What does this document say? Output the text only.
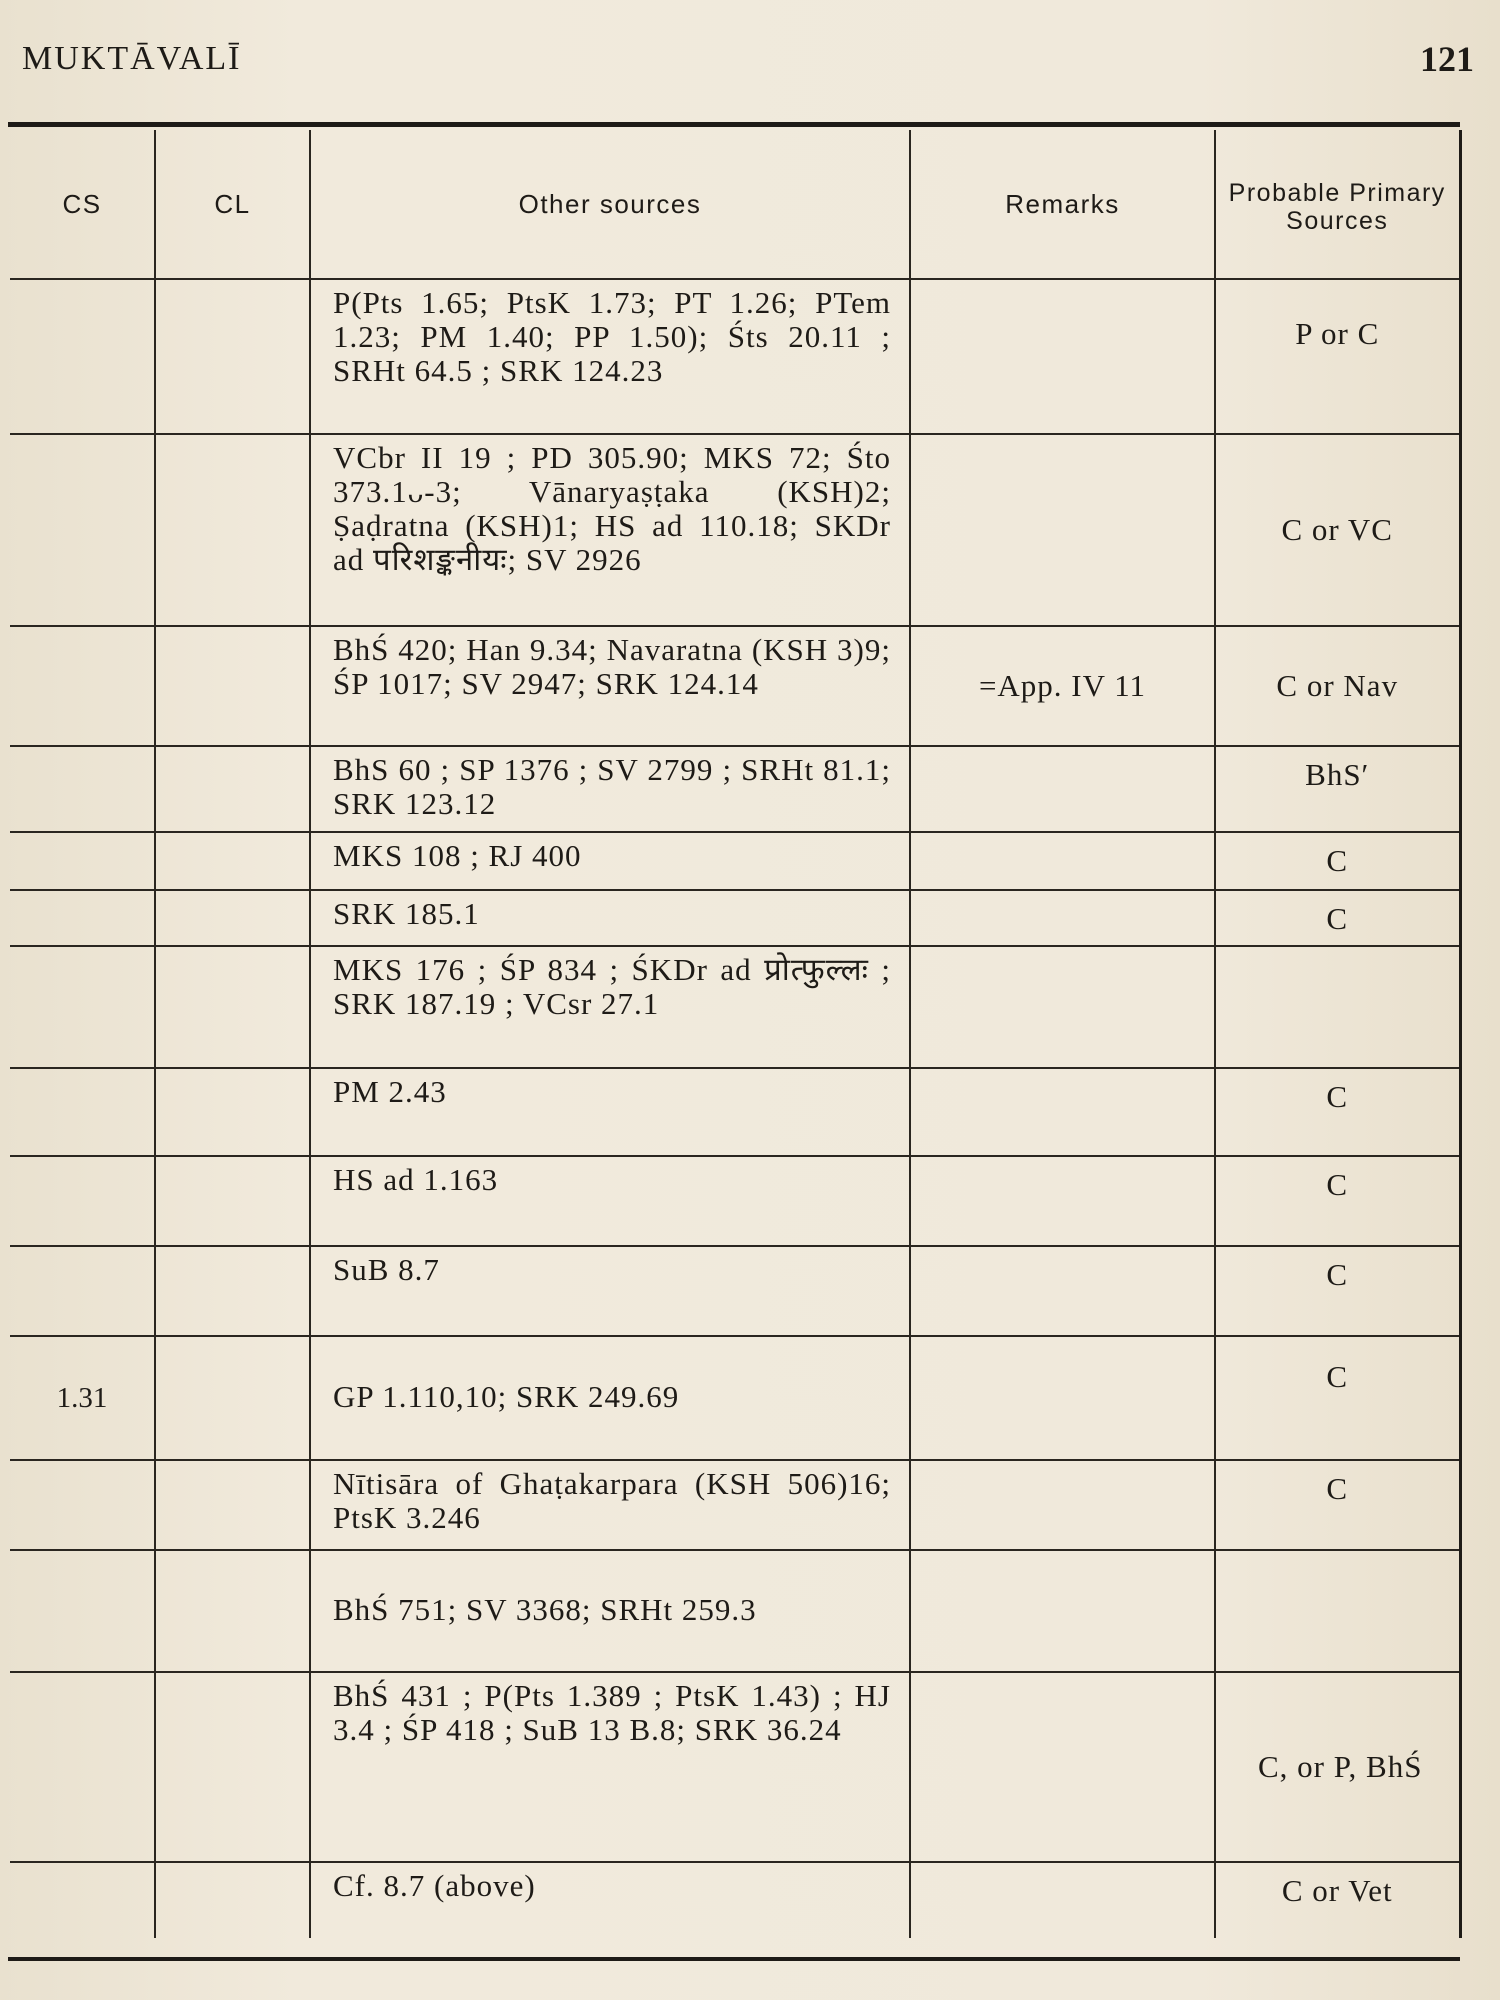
MUKTĀVALĪ	121
CS	CL	Other sources	Remarks	Probable Primary Sources
		P(Pts 1.65; PtsK 1.73; PT 1.26; PTem 1.23; PM 1.40; PP 1.50); Śts 20.11 ; SRHt 64.5 ; SRK 124.23		P or C
		VCbr II 19 ; PD 305.90; MKS 72; Śto 373.1ᴗ-3; Vānaryaṣṭaka (KSH)2; Ṣaḍratna (KSH)1; HS ad 110.18; SKDr ad परिशङ्कनीयः; SV 2926		C or VC
		BhŚ 420; Han 9.34; Navaratna (KSH 3)9; ŚP 1017; SV 2947; SRK 124.14	=App. IV 11	C or Nav
		BhS 60 ; SP 1376 ; SV 2799 ; SRHt 81.1; SRK 123.12		BhS′
		MKS 108 ; RJ 400		C
		SRK 185.1		C
		MKS 176 ; ŚP 834 ; ŚKDr ad प्रोत्फुल्लः ; SRK 187.19 ; VCsr 27.1		
		PM 2.43		C
		HS ad 1.163		C
		SuB 8.7		C
1.31		GP 1.110,10; SRK 249.69		C
		Nītisāra of Ghaṭakarpara (KSH 506)16; PtsK 3.246		C
		BhŚ 751; SV 3368; SRHt 259.3		
		BhŚ 431 ; P(Pts 1.389 ; PtsK 1.43) ; HJ 3.4 ; ŚP 418 ; SuB 13 B.8; SRK 36.24		C, or P, BhŚ
		Cf. 8.7 (above)		C or Vet
